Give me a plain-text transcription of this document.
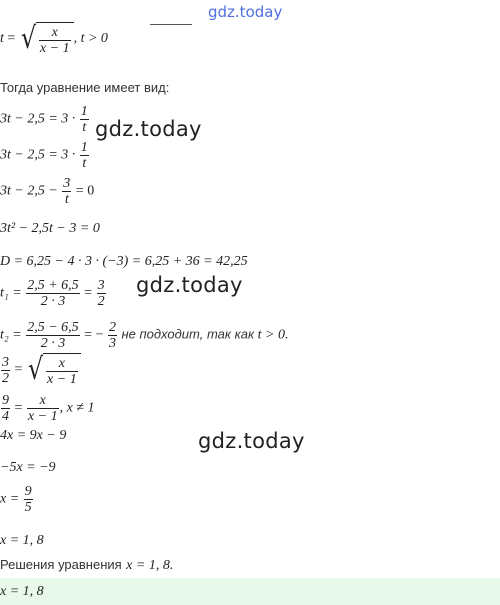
gdz.today
t = √ $\frac{x}{x - 1}$ , t > 0
Тогда уравнение имеет вид:
$3t - 2,5 = 3 \cdot \frac{1}{t}$ gdz.today
$3t - 2,5 = 3 \cdot \frac{1}{t}$
$3t - 2,5 - \frac{3}{t} = 0$
3t² − 2,5t − 3 = 0
D = 6,25 − 4 · 3 · (−3) = 6,25 + 36 = 42,25
$t_1 = \frac{2,5 + 6,5}{2 \cdot 3} = \frac{3}{2}$ gdz.today
$t_2 = \frac{2,5 - 6,5}{2 \cdot 3}$ = − $\frac{2}{3}$ не подходит, так как t > 0.
$\frac{3}{2}$ = √ $\frac{x}{x - 1}$
$\frac{9}{4} = \frac{x}{x - 1}$ , x ≠ 1
4x = 9x − 9	gdz.today
−5x = −9
$x = \frac{9}{5}$
x = 1, 8
Решения уравнения x = 1, 8.
x = 1, 8
